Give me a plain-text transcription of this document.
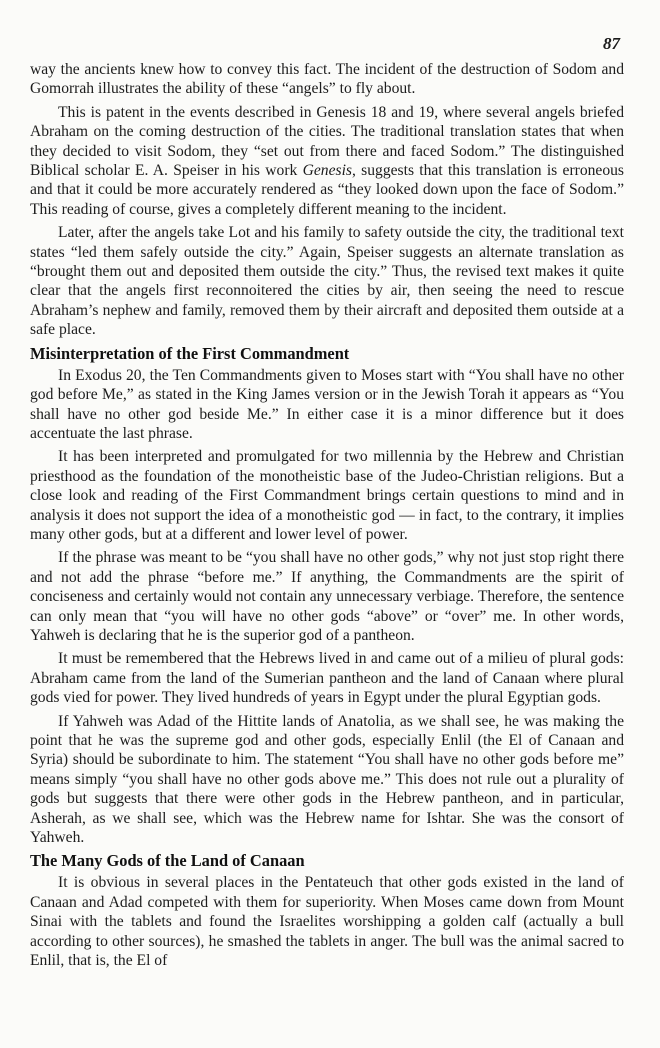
87

way the ancients knew how to convey this fact. The incident of the destruction of Sodom and Gomorrah illustrates the ability of these “angels” to fly about.

This is patent in the events described in Genesis 18 and 19, where several angels briefed Abraham on the coming destruction of the cities. The traditional translation states that when they decided to visit Sodom, they “set out from there and faced Sodom.” The distinguished Biblical scholar E. A. Speiser in his work Genesis, suggests that this translation is erroneous and that it could be more accurately rendered as “they looked down upon the face of Sodom.” This reading of course, gives a completely different meaning to the incident.

Later, after the angels take Lot and his family to safety outside the city, the traditional text states “led them safely outside the city.” Again, Speiser suggests an alternate translation as “brought them out and deposited them outside the city.” Thus, the revised text makes it quite clear that the angels first reconnoitered the cities by air, then seeing the need to rescue Abraham’s nephew and family, removed them by their aircraft and deposited them outside at a safe place.

Misinterpretation of the First Commandment

In Exodus 20, the Ten Commandments given to Moses start with “You shall have no other god before Me,” as stated in the King James version or in the Jewish Torah it appears as “You shall have no other god beside Me.” In either case it is a minor difference but it does accentuate the last phrase.

It has been interpreted and promulgated for two millennia by the Hebrew and Christian priesthood as the foundation of the monotheistic base of the Judeo-Christian religions. But a close look and reading of the First Commandment brings certain questions to mind and in analysis it does not support the idea of a monotheistic god — in fact, to the contrary, it implies many other gods, but at a different and lower level of power.

If the phrase was meant to be “you shall have no other gods,” why not just stop right there and not add the phrase “before me.” If anything, the Commandments are the spirit of conciseness and certainly would not contain any unnecessary verbiage. Therefore, the sentence can only mean that “you will have no other gods “above” or “over” me. In other words, Yahweh is declaring that he is the superior god of a pantheon.

It must be remembered that the Hebrews lived in and came out of a milieu of plural gods: Abraham came from the land of the Sumerian pantheon and the land of Canaan where plural gods vied for power. They lived hundreds of years in Egypt under the plural Egyptian gods.

If Yahweh was Adad of the Hittite lands of Anatolia, as we shall see, he was making the point that he was the supreme god and other gods, especially Enlil (the El of Canaan and Syria) should be subordinate to him. The statement “You shall have no other gods before me” means simply “you shall have no other gods above me.” This does not rule out a plurality of gods but suggests that there were other gods in the Hebrew pantheon, and in particular, Asherah, as we shall see, which was the Hebrew name for Ishtar. She was the consort of Yahweh.

The Many Gods of the Land of Canaan

It is obvious in several places in the Pentateuch that other gods existed in the land of Canaan and Adad competed with them for superiority. When Moses came down from Mount Sinai with the tablets and found the Israelites worshipping a golden calf (actually a bull according to other sources), he smashed the tablets in anger. The bull was the animal sacred to Enlil, that is, the El of
